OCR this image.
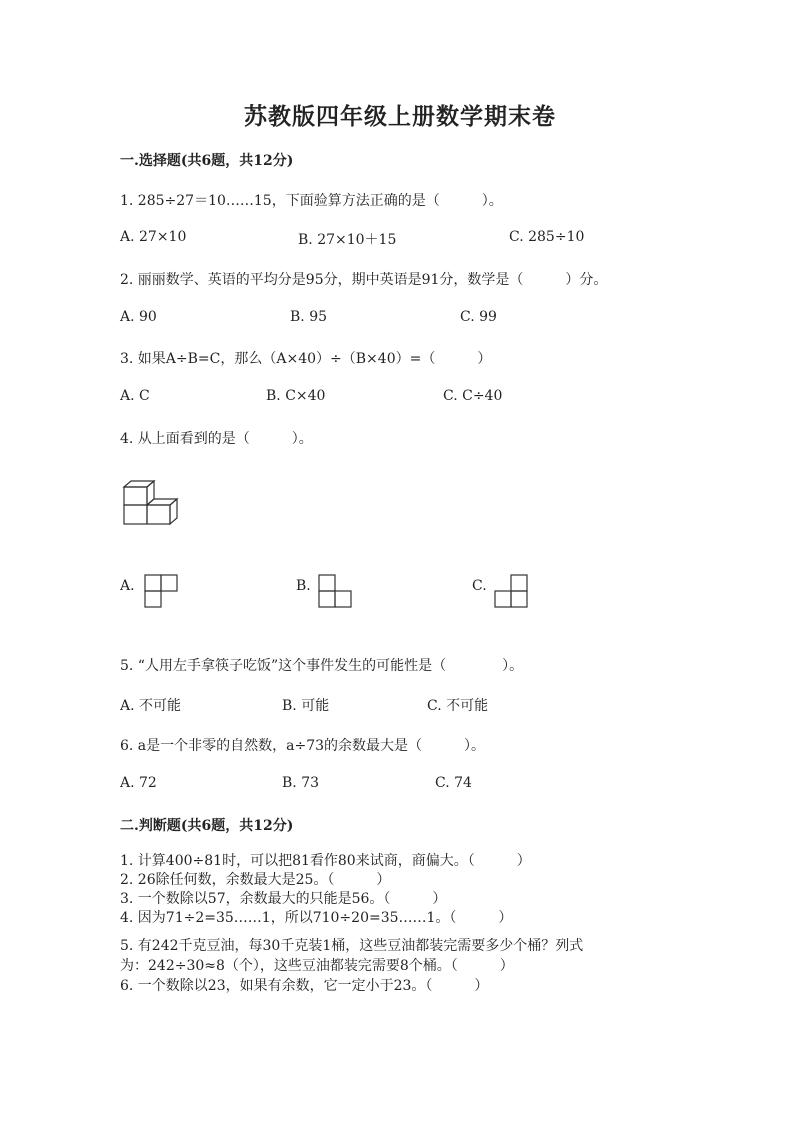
苏教版四年级上册数学期末卷
一.选择题(共6题，共12分)
1. 285÷27＝10……15，下面验算方法正确的是（　　　）。
A. 27×10	B. 27×10＋15	C. 285÷10
2. 丽丽数学、英语的平均分是95分，期中英语是91分，数学是（　　　）分。
A. 90	B. 95	C. 99
3. 如果A÷B=C，那么（A×40）÷（B×40）=（　　　）
A. C	B. C×40	C. C÷40
4. 从上面看到的是（　　　）。
A.	B.	C.
5. “人用左手拿筷子吃饭”这个事件发生的可能性是（　　　　）。
A. 不可能	B. 可能	C. 不可能
6. a是一个非零的自然数，a÷73的余数最大是（　　　）。
A. 72	B. 73	C. 74
二.判断题(共6题，共12分)
1. 计算400÷81时，可以把81看作80来试商，商偏大。（　　　）
2. 26除任何数，余数最大是25。（　　　）
3. 一个数除以57，余数最大的只能是56。（　　　）
4. 因为71÷2=35……1，所以710÷20=35……1。（　　　）
5. 有242千克豆油，每30千克装1桶，这些豆油都装完需要多少个桶？列式
为：242÷30≈8（个），这些豆油都装完需要8个桶。（　　　）
6. 一个数除以23，如果有余数，它一定小于23。（　　　）
